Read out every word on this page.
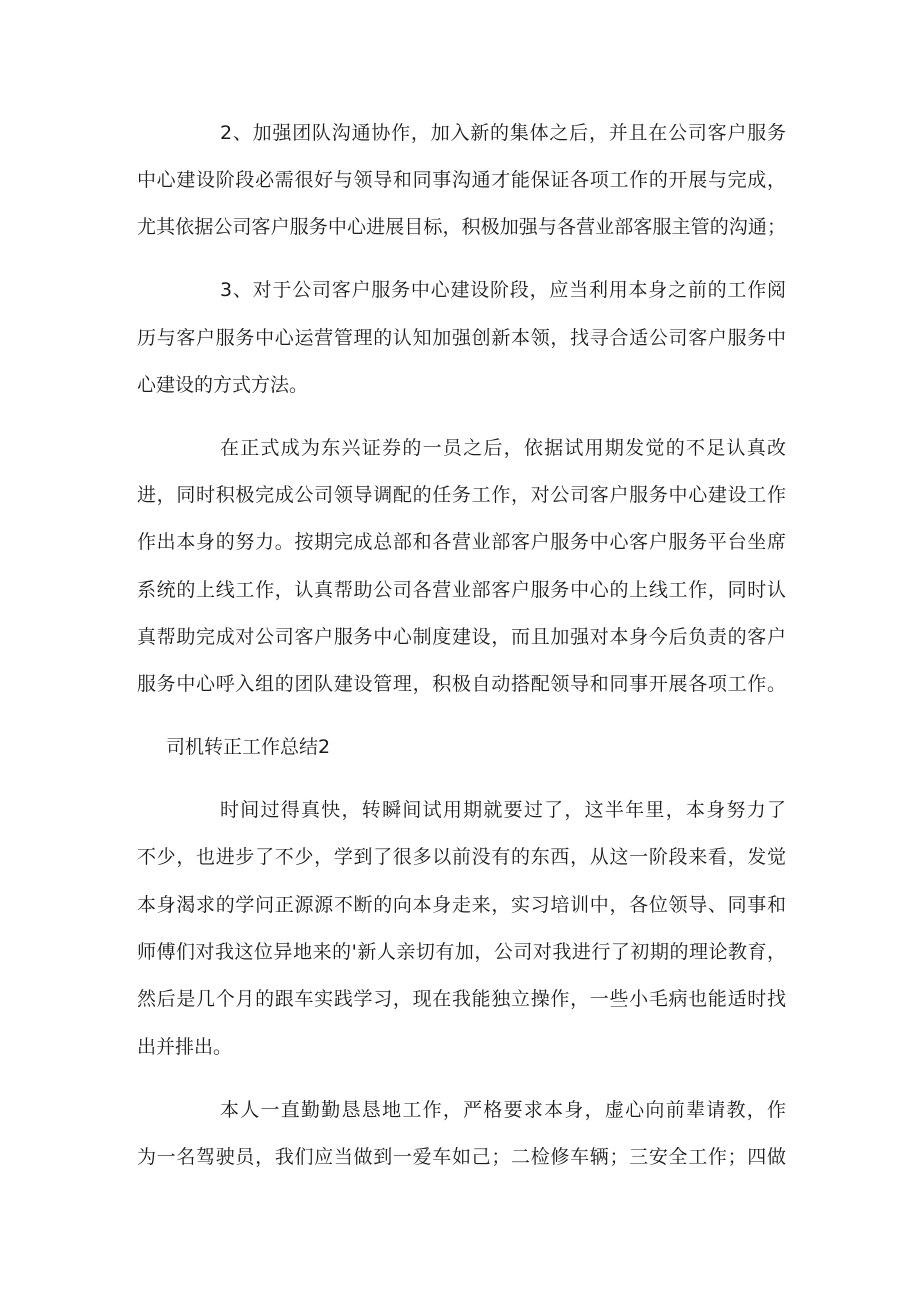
2、加强团队沟通协作，加入新的集体之后，并且在公司客户服务

中心建设阶段必需很好与领导和同事沟通才能保证各项工作的开展与完成，

尤其依据公司客户服务中心进展目标，积极加强与各营业部客服主管的沟通；

3、对于公司客户服务中心建设阶段，应当利用本身之前的工作阅

历与客户服务中心运营管理的认知加强创新本领，找寻合适公司客户服务中

心建设的方式方法。

在正式成为东兴证券的一员之后，依据试用期发觉的不足认真改

进，同时积极完成公司领导调配的任务工作，对公司客户服务中心建设工作

作出本身的努力。按期完成总部和各营业部客户服务中心客户服务平台坐席

系统的上线工作，认真帮助公司各营业部客户服务中心的上线工作，同时认

真帮助完成对公司客户服务中心制度建设，而且加强对本身今后负责的客户

服务中心呼入组的团队建设管理，积极自动搭配领导和同事开展各项工作。

司机转正工作总结2

时间过得真快，转瞬间试用期就要过了，这半年里，本身努力了

不少，也进步了不少，学到了很多以前没有的东西，从这一阶段来看，发觉

本身渴求的学问正源源不断的向本身走来，实习培训中，各位领导、同事和

师傅们对我这位异地来的'新人亲切有加，公司对我进行了初期的理论教育，

然后是几个月的跟车实践学习，现在我能独立操作，一些小毛病也能适时找

出并排出。

本人一直勤勤恳恳地工作，严格要求本身，虚心向前辈请教，作

为一名驾驶员，我们应当做到一爱车如己；二检修车辆；三安全工作；四做
